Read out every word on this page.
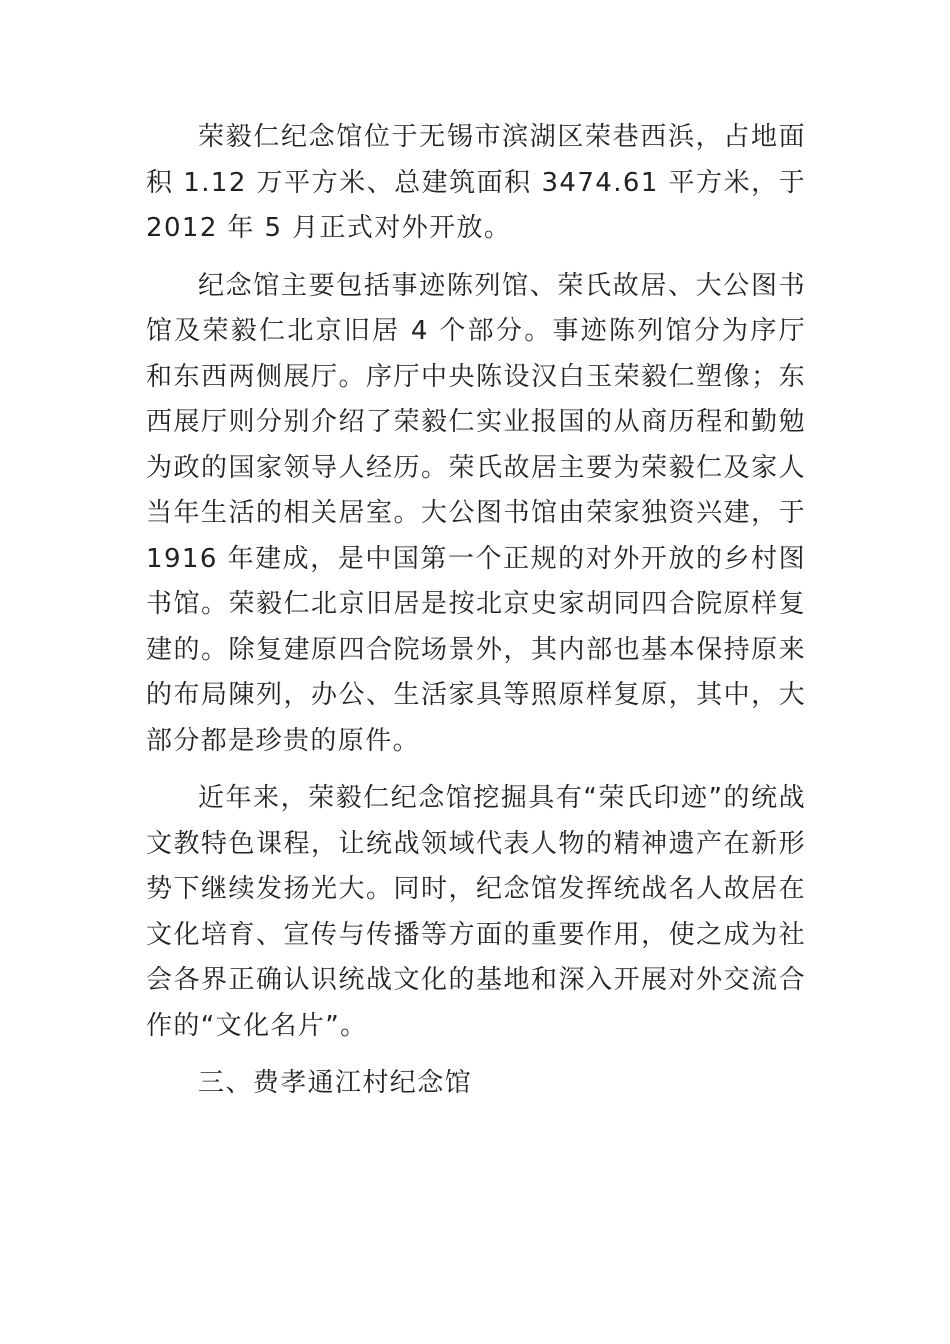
荣毅仁纪念馆位于无锡市滨湖区荣巷西浜，占地面积 1.12 万平方米、总建筑面积 3474.61 平方米，于 2012 年 5 月正式对外开放。

纪念馆主要包括事迹陈列馆、荣氏故居、大公图书馆及荣毅仁北京旧居 4 个部分。事迹陈列馆分为序厅和东西两侧展厅。序厅中央陈设汉白玉荣毅仁塑像；东西展厅则分别介绍了荣毅仁实业报国的从商历程和勤勉为政的国家领导人经历。荣氏故居主要为荣毅仁及家人当年生活的相关居室。大公图书馆由荣家独资兴建，于 1916 年建成，是中国第一个正规的对外开放的乡村图书馆。荣毅仁北京旧居是按北京史家胡同四合院原样复建的。除复建原四合院场景外，其内部也基本保持原来的布局陳列，办公、生活家具等照原样复原，其中，大部分都是珍贵的原件。

近年来，荣毅仁纪念馆挖掘具有“荣氏印迹”的统战文教特色课程，让统战领域代表人物的精神遗产在新形势下继续发扬光大。同时，纪念馆发挥统战名人故居在文化培育、宣传与传播等方面的重要作用，使之成为社会各界正确认识统战文化的基地和深入开展对外交流合作的“文化名片”。

三、费孝通江村纪念馆
